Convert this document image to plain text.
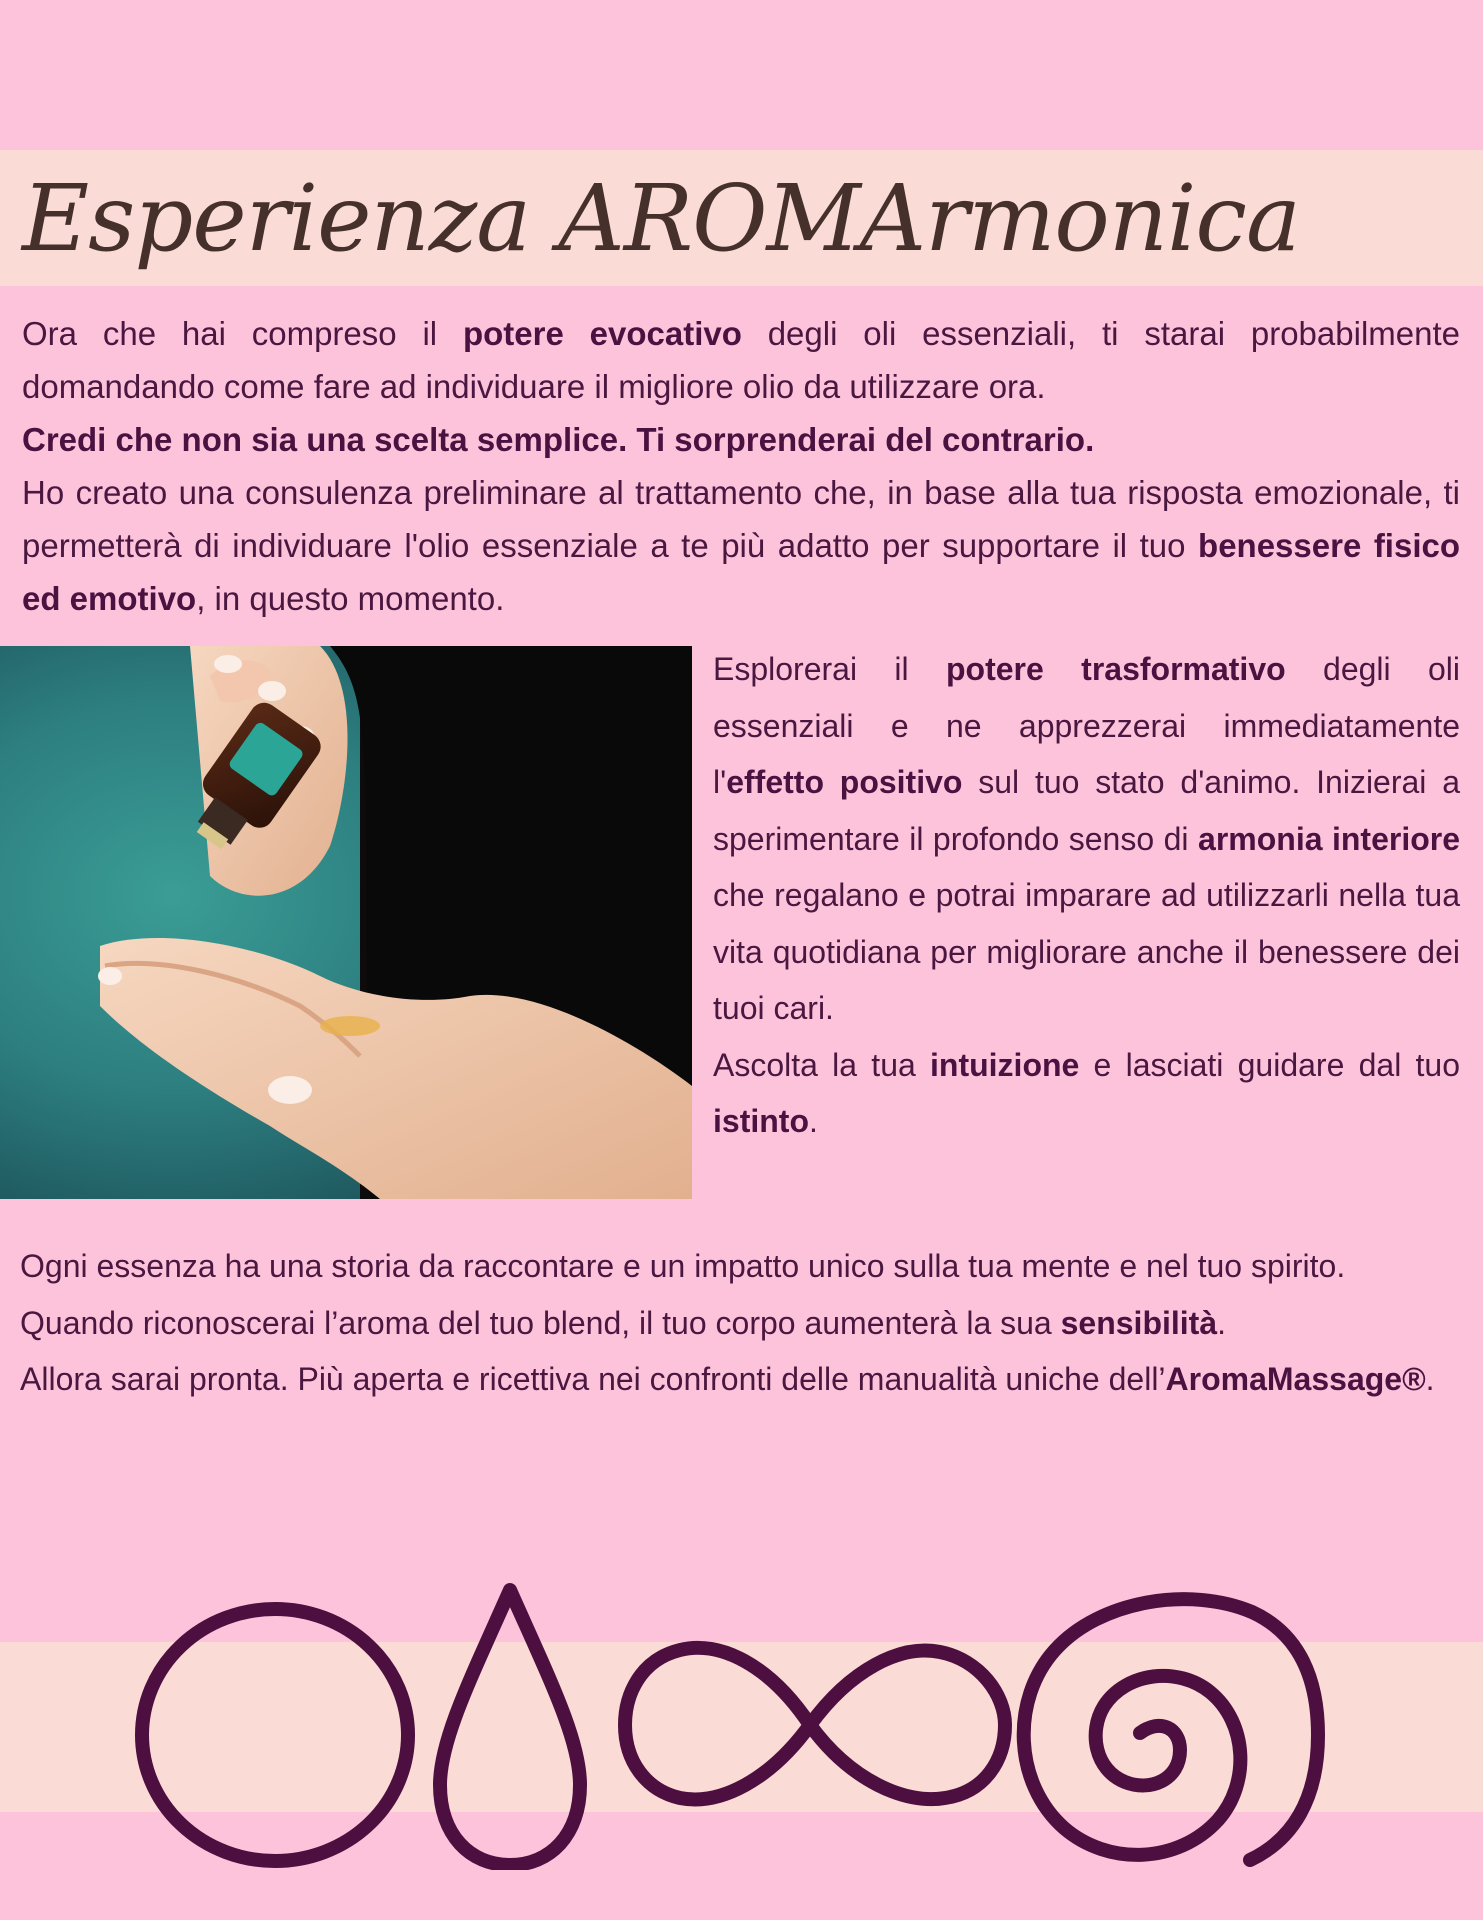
Esperienza AROMArmonica

Ora che hai compreso il potere evocativo degli oli essenziali, ti starai probabilmente domandando come fare ad individuare il migliore olio da utilizzare ora.
Credi che non sia una scelta semplice. Ti sorprenderai del contrario.
Ho creato una consulenza preliminare al trattamento che, in base alla tua risposta emozionale, ti permetterà di individuare l'olio essenziale a te più adatto per supportare il tuo benessere fisico ed emotivo, in questo momento.

Esplorerai il potere trasformativo degli oli essenziali e ne apprezzerai immediatamente l'effetto positivo sul tuo stato d'animo. Inizierai a sperimentare il profondo senso di armonia interiore che regalano e potrai imparare ad utilizzarli nella tua vita quotidiana per migliorare anche il benessere dei tuoi cari.
Ascolta la tua intuizione e lasciati guidare dal tuo istinto.

Ogni essenza ha una storia da raccontare e un impatto unico sulla tua mente e nel tuo spirito.
Quando riconoscerai l’aroma del tuo blend, il tuo corpo aumenterà la sua sensibilità.
Allora sarai pronta. Più aperta e ricettiva nei confronti delle manualità uniche dell’AromaMassage®.
